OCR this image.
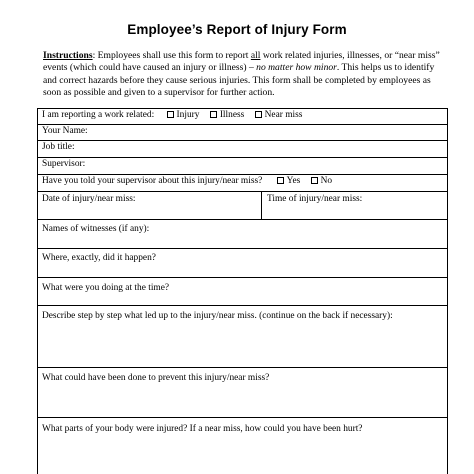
Employee’s Report of Injury Form
Instructions: Employees shall use this form to report all work related injuries, illnesses, or “near miss” events (which could have caused an injury or illness) – no matter how minor. This helps us to identify and correct hazards before they cause serious injuries. This form shall be completed by employees as soon as possible and given to a supervisor for further action.
I am reporting a work related: Injury Illness Near miss
Your Name:
Job title:
Supervisor:
Have you told your supervisor about this injury/near miss?	Yes No
Date of injury/near miss:	Time of injury/near miss:
Names of witnesses (if any):
Where, exactly, did it happen?
What were you doing at the time?
Describe step by step what led up to the injury/near miss. (continue on the back if necessary):
What could have been done to prevent this injury/near miss?
What parts of your body were injured? If a near miss, how could you have been hurt?
